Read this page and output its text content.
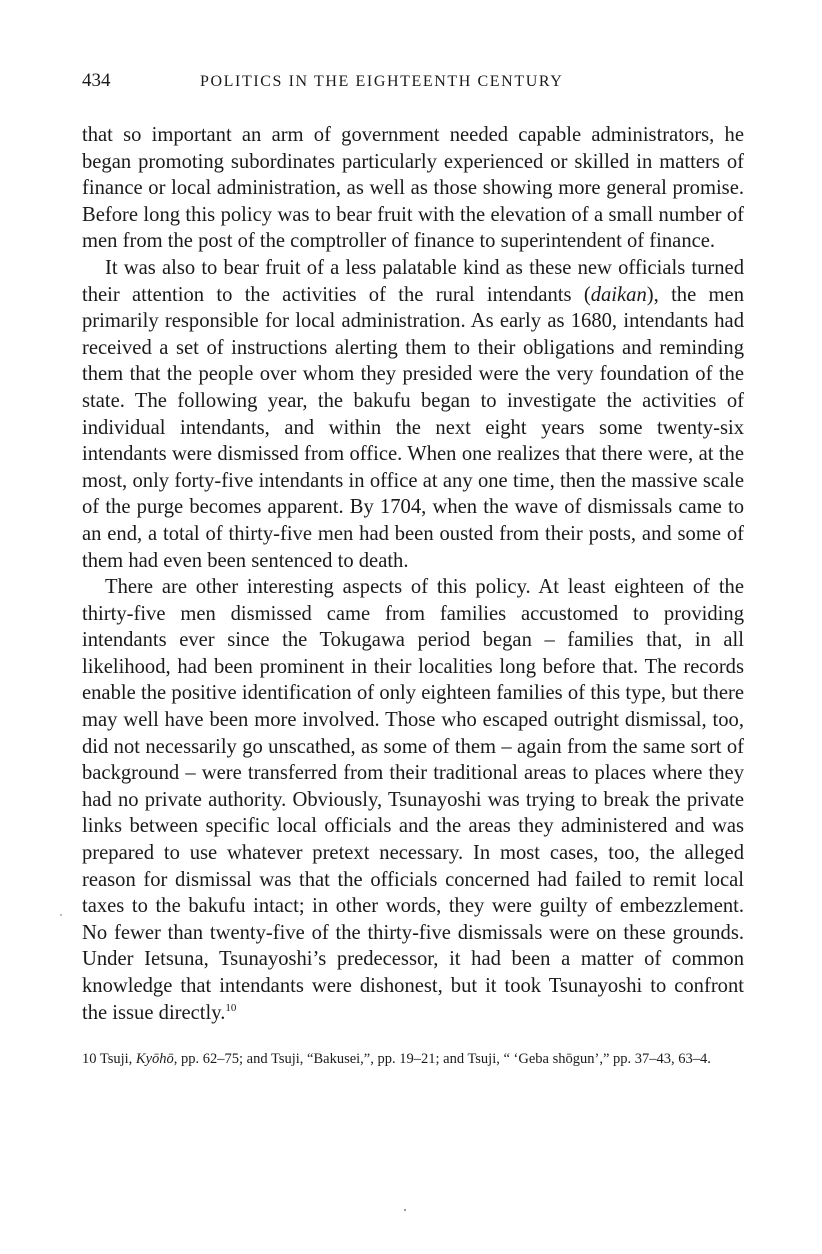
434	POLITICS IN THE EIGHTEENTH CENTURY

that so important an arm of government needed capable administrators, he began promoting subordinates particularly experienced or skilled in matters of finance or local administration, as well as those showing more general promise. Before long this policy was to bear fruit with the elevation of a small number of men from the post of the comptroller of finance to superintendent of finance.

It was also to bear fruit of a less palatable kind as these new officials turned their attention to the activities of the rural intendants (daikan), the men primarily responsible for local administration. As early as 1680, intendants had received a set of instructions alerting them to their obligations and reminding them that the people over whom they presided were the very foundation of the state. The following year, the bakufu began to investigate the activities of individual intendants, and within the next eight years some twenty-six intendants were dismissed from office. When one realizes that there were, at the most, only forty-five intendants in office at any one time, then the massive scale of the purge becomes apparent. By 1704, when the wave of dismissals came to an end, a total of thirty-five men had been ousted from their posts, and some of them had even been sentenced to death.

There are other interesting aspects of this policy. At least eighteen of the thirty-five men dismissed came from families accustomed to providing intendants ever since the Tokugawa period began – families that, in all likelihood, had been prominent in their localities long before that. The records enable the positive identification of only eighteen families of this type, but there may well have been more involved. Those who escaped outright dismissal, too, did not necessarily go unscathed, as some of them – again from the same sort of background – were transferred from their traditional areas to places where they had no private authority. Obviously, Tsunayoshi was trying to break the private links between specific local officials and the areas they administered and was prepared to use whatever pretext necessary. In most cases, too, the alleged reason for dismissal was that the officials concerned had failed to remit local taxes to the bakufu intact; in other words, they were guilty of embezzlement. No fewer than twenty-five of the thirty-five dismissals were on these grounds. Under Ietsuna, Tsunayoshi’s predecessor, it had been a matter of common knowledge that intendants were dishonest, but it took Tsunayoshi to confront the issue directly.$^{10}$

10 Tsuji, Kyōhō, pp. 62–75; and Tsuji, “Bakusei,”, pp. 19–21; and Tsuji, “ ‘Geba shōgun’,” pp. 37–43, 63–4.
